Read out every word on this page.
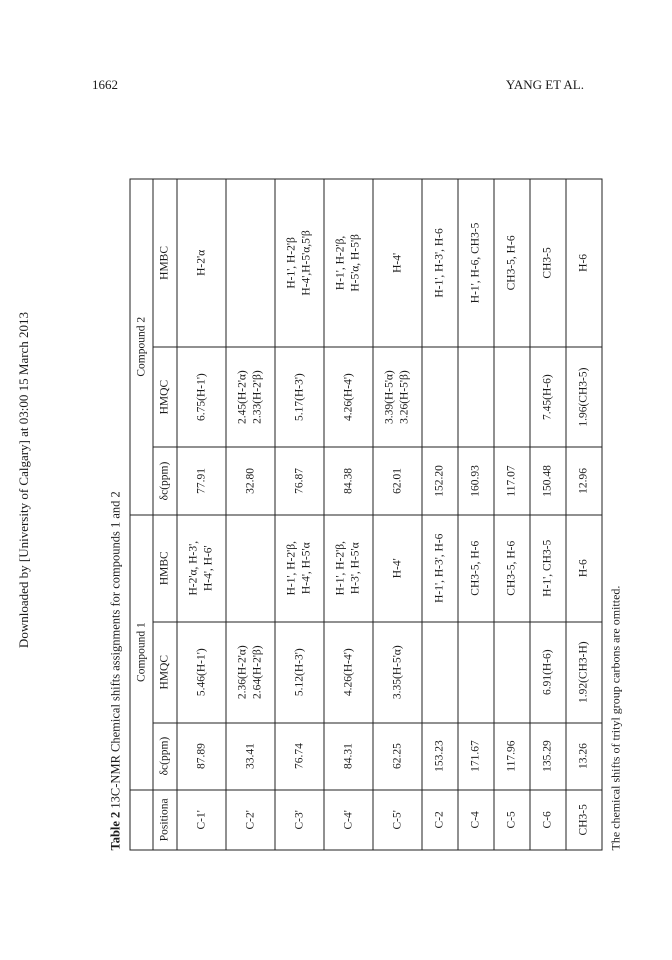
1662	YANG ET AL.
Downloaded by [University of Calgary] at 03:00 15 March 2013
Table 2 13C-NMR Chemical shifts assignments for compounds 1 and 2
	Compound 1			Compound 2		
Positiona	δc(ppm)	HMQC	HMBC	δc(ppm)	HMQC	HMBC
C-1'	87.89	5.46(H-1')	H-2'α, H-3', H-4', H-6'	77.91	6.75(H-1')	H-2'α

C-2'	33.41	2.36(H-2'α) 2.64(H-2'β)		32.80	2.45(H-2'α) 2.33(H-2'β)	

C-3'	76.74	5.12(H-3')	H-1', H-2'β, H-4', H-5'α	76.87	5.17(H-3')	H-1', H-2'β H-4',H-5'α,5'β

C-4'	84.31	4.26(H-4')	H-1', H-2'β, H-3', H-5'α	84.38	4.26(H-4')	H-1', H-2'β, H-5'α, H-5'β

C-5'	62.25	3.35(H-5'α)	H-4'	62.01	3.39(H-5'α) 3.26(H-5'β)	H-4'

C-2	153.23		H-1', H-3', H-6	152.20		H-1', H-3', H-6

C-4	171.67		CH3-5, H-6	160.93		H-1', H-6, CH3-5

C-5	117.96		CH3-5, H-6	117.07		CH3-5, H-6

C-6	135.29	6.91(H-6)	H-1', CH3-5	150.48	7.45(H-6)	CH3-5

CH3-5	13.26	1.92(CH3-H)	H-6	12.96	1.96(CH3-5)	H-6

The chemical shifts of trityl group carbons are omitted.
